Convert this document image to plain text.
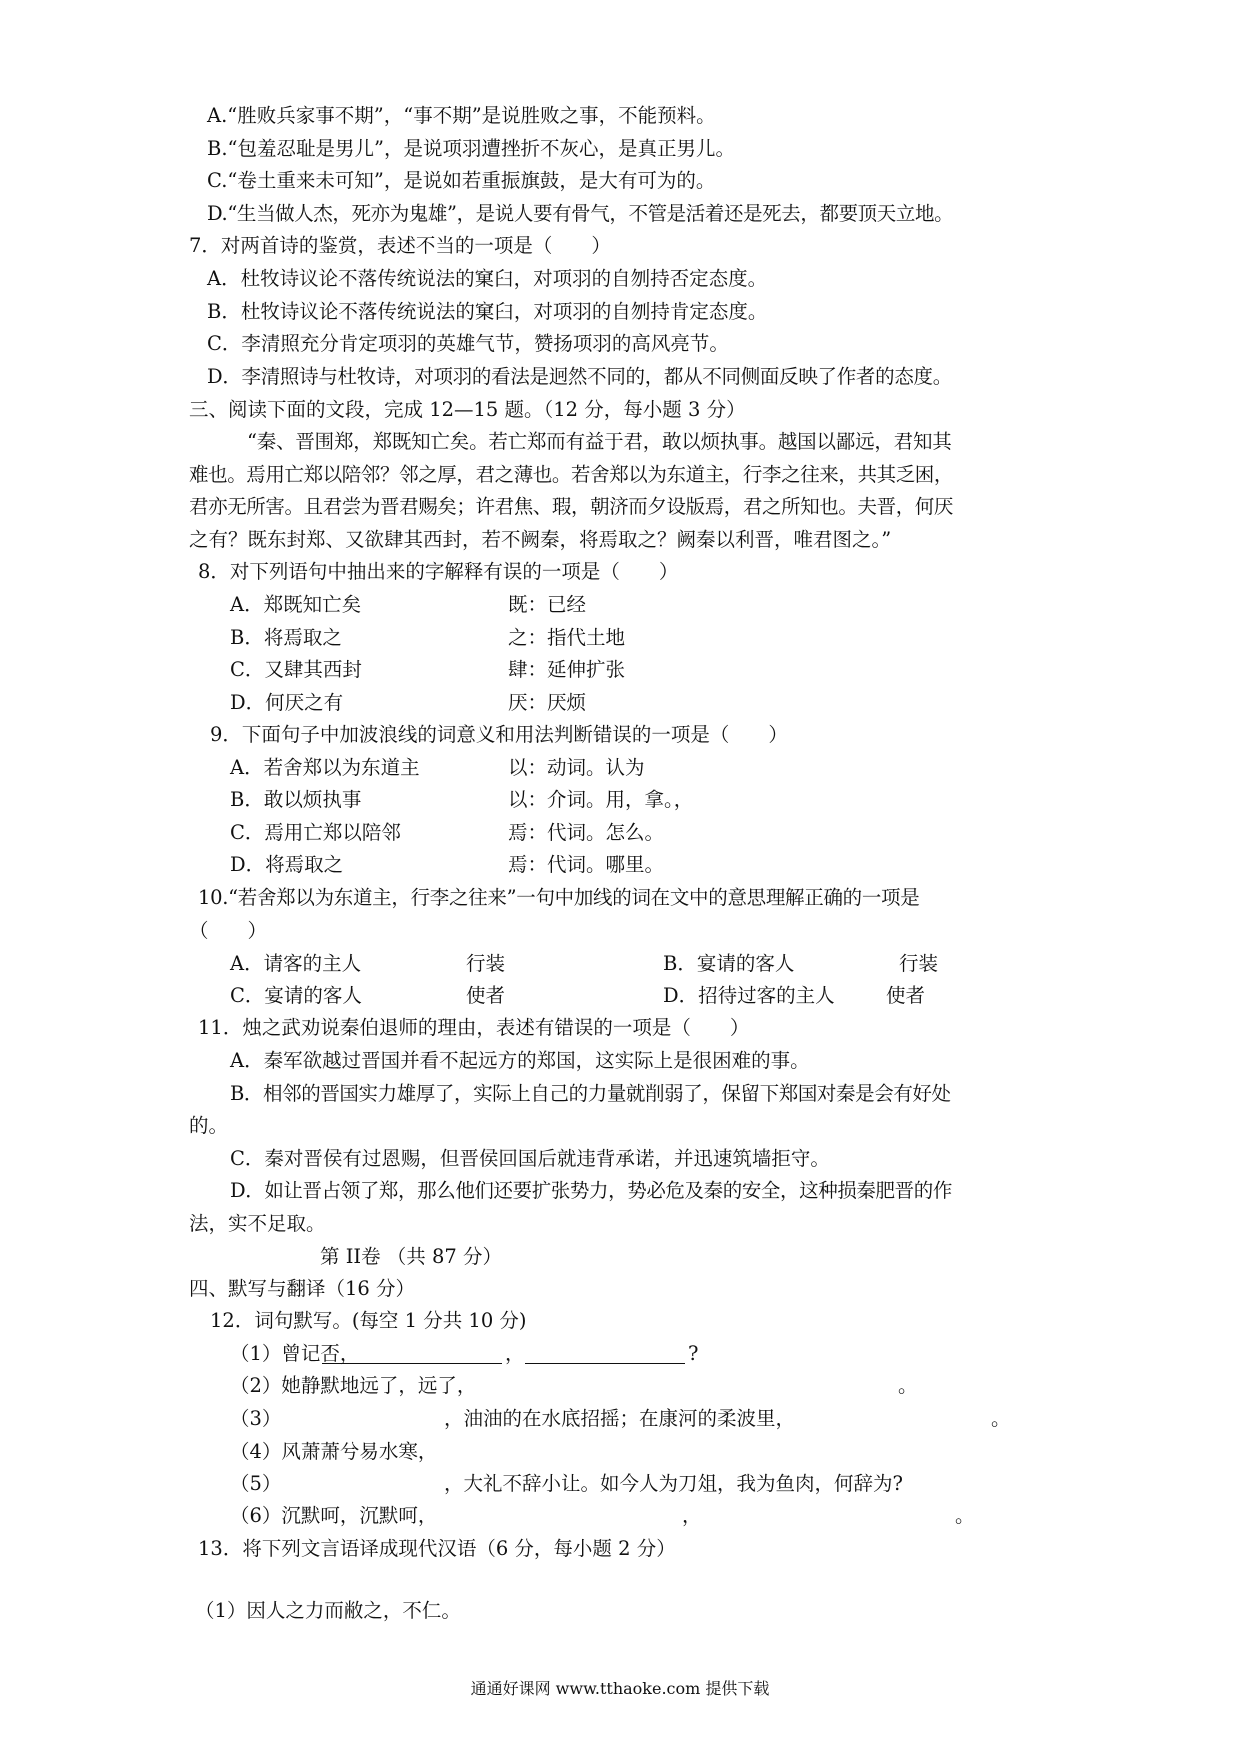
A.“胜败兵家事不期”，“事不期”是说胜败之事，不能预料。
B.“包羞忍耻是男儿”，是说项羽遭挫折不灰心，是真正男儿。
C.“卷土重来未可知”，是说如若重振旗鼓，是大有可为的。
D.“生当做人杰，死亦为鬼雄”，是说人要有骨气，不管是活着还是死去，都要顶天立地。
7．对两首诗的鉴赏，表述不当的一项是（　　）
A．杜牧诗议论不落传统说法的窠臼，对项羽的自刎持否定态度。
B．杜牧诗议论不落传统说法的窠臼，对项羽的自刎持肯定态度。
C．李清照充分肯定项羽的英雄气节，赞扬项羽的高风亮节。
D．李清照诗与杜牧诗，对项羽的看法是迥然不同的，都从不同侧面反映了作者的态度。
三、阅读下面的文段，完成 12—15 题。（12 分，每小题 3 分）
“秦、晋围郑，郑既知亡矣。若亡郑而有益于君，敢以烦执事。越国以鄙远，君知其
难也。焉用亡郑以陪邻？邻之厚，君之薄也。若舍郑以为东道主，行李之往来，共其乏困，
君亦无所害。且君尝为晋君赐矣；许君焦、瑕，朝济而夕设版焉，君之所知也。夫晋，何厌
之有？既东封郑、又欲肆其西封，若不阙秦，将焉取之？阙秦以利晋，唯君图之。”
8．对下列语句中抽出来的字解释有误的一项是（　　）
A．郑既知亡矣	既：已经
B．将焉取之	之：指代土地
C．又肆其西封	肆：延伸扩张
D．何厌之有	厌：厌烦
9．下面句子中加波浪线的词意义和用法判断错误的一项是（　　）
A．若舍郑以为东道主	以：动词。认为
B．敢以烦执事	以：介词。用，拿。，
C．焉用亡郑以陪邻	焉：代词。怎么。
D．将焉取之	焉：代词。哪里。
10.“若舍郑以为东道主，行李之往来”一句中加线的词在文中的意思理解正确的一项是
（　　）
A．请客的主人	行装	B．宴请的客人	行装
C．宴请的客人	使者	D．招待过客的主人	使者
11．烛之武劝说秦伯退师的理由，表述有错误的一项是（　　）
A．秦军欲越过晋国并看不起远方的郑国，这实际上是很困难的事。
B．相邻的晋国实力雄厚了，实际上自己的力量就削弱了，保留下郑国对秦是会有好处
的。
C．秦对晋侯有过恩赐，但晋侯回国后就违背承诺，并迅速筑墙拒守。
D．如让晋占领了郑，那么他们还要扩张势力，势必危及秦的安全，这种损秦肥晋的作
法，实不足取。
第 II卷 （共 87 分）
四、默写与翻译（16 分）
12．词句默写。(每空 1 分共 10 分)
（1）曾记否，	，	?
（2）她静默地远了，远了，	。
（3）	，油油的在水底招摇；在康河的柔波里，	。
（4）风萧萧兮易水寒，
（5）	，大礼不辞小让。如今人为刀俎，我为鱼肉，何辞为?
（6）沉默呵，沉默呵，	，	。
13．将下列文言语译成现代汉语（6 分，每小题 2 分）
（1）因人之力而敝之，不仁。
通通好课网 www.tthaoke.com 提供下载
